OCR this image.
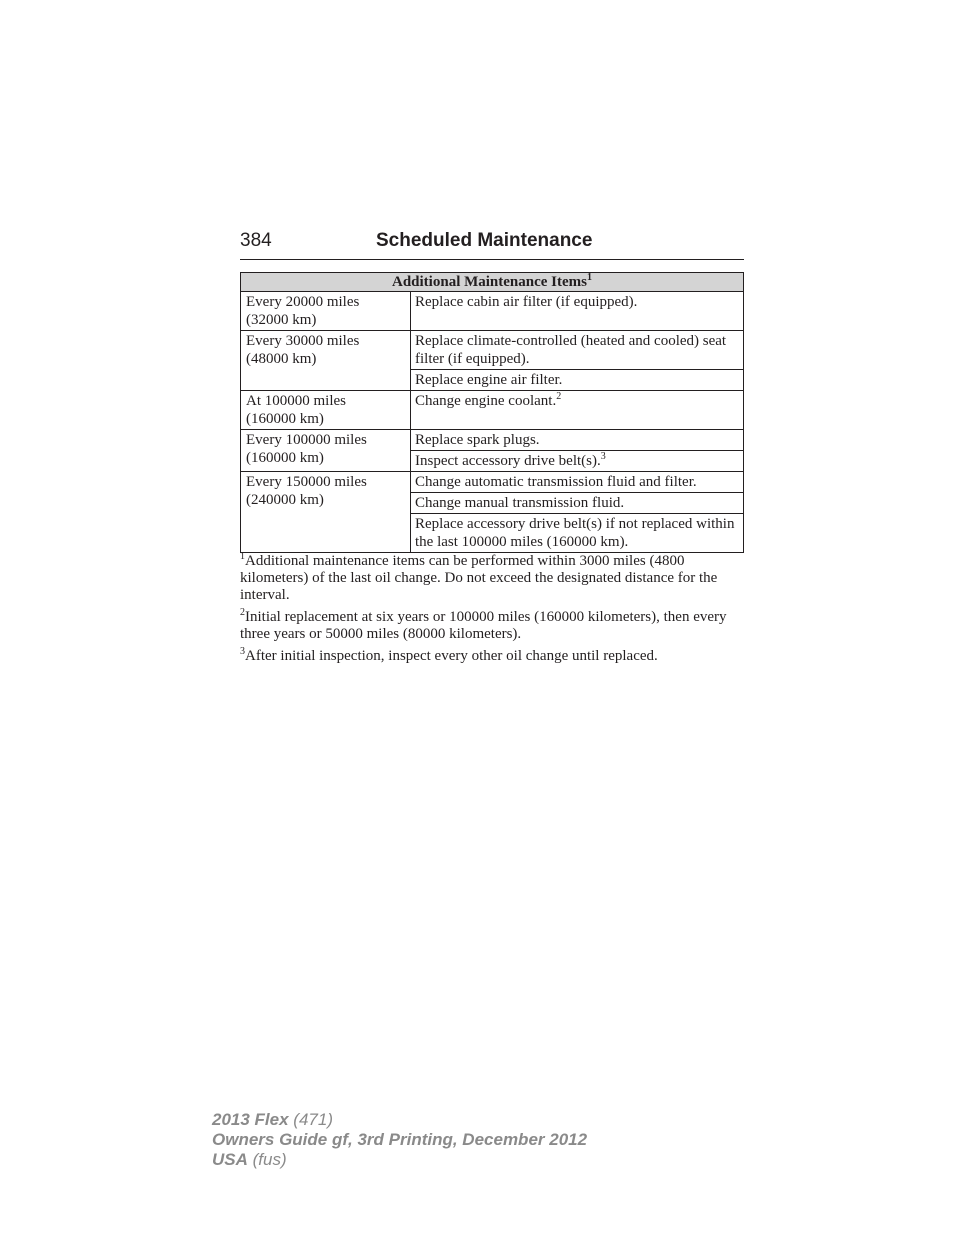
384	Scheduled Maintenance
Additional Maintenance Items$^1$
Every 20000 miles
(32000 km)	Replace cabin air filter (if equipped).
Every 30000 miles
(48000 km)	Replace climate-controlled (heated and cooled) seat filter (if equipped).
	Replace engine air filter.
At 100000 miles
(160000 km)	Change engine coolant.$^2$
Every 100000 miles
(160000 km)	Replace spark plugs.
	Inspect accessory drive belt(s).$^3$
Every 150000 miles
(240000 km)	Change automatic transmission fluid and filter.
	Change manual transmission fluid.
	Replace accessory drive belt(s) if not replaced within the last 100000 miles (160000 km).

$^1$Additional maintenance items can be performed within 3000 miles (4800 kilometers) of the last oil change. Do not exceed the designated distance for the interval.

$^2$Initial replacement at six years or 100000 miles (160000 kilometers), then every three years or 50000 miles (80000 kilometers).

$^3$After initial inspection, inspect every other oil change until replaced.

2013 Flex (471)
Owners Guide gf, 3rd Printing, December 2012
USA (fus)
